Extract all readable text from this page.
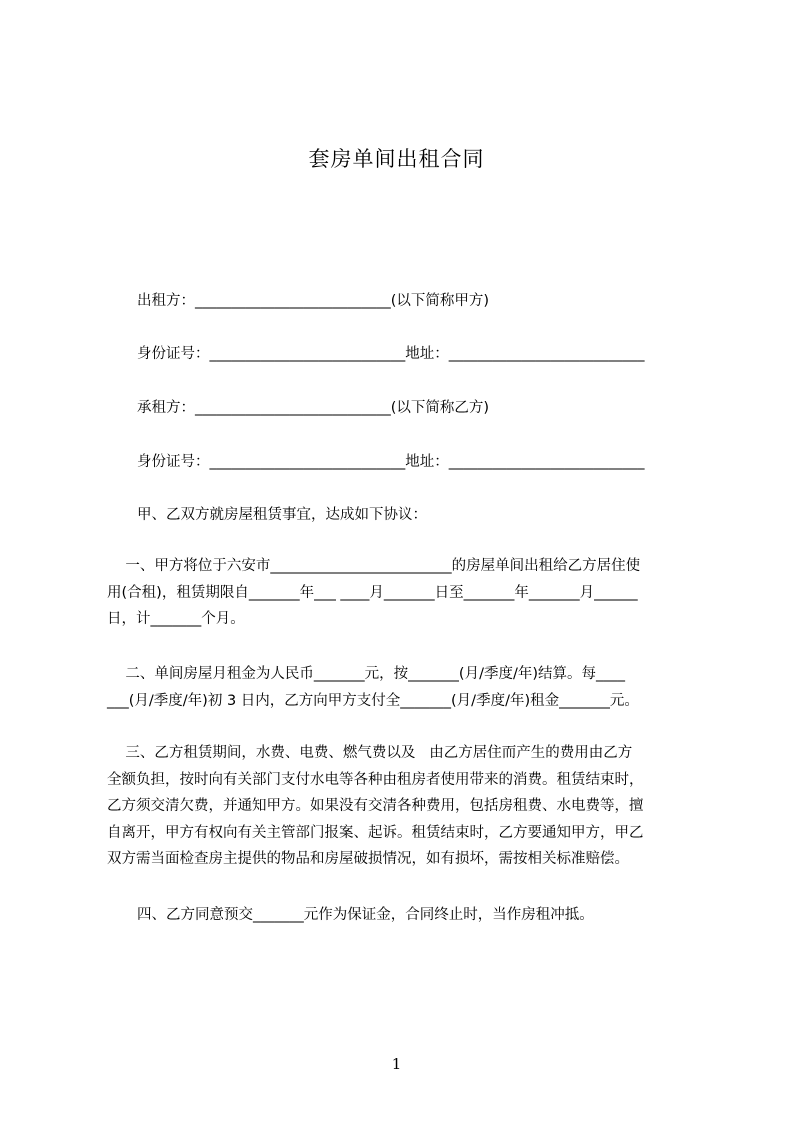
套房单间出租合同
出租方：___________________________(以下简称甲方)
身份证号：___________________________地址：___________________________
承租方：___________________________(以下简称乙方)
身份证号：___________________________地址：___________________________
甲、乙双方就房屋租赁事宜，达成如下协议：
一、甲方将位于六安市_________________________的房屋单间出租给乙方居住使
用(合租)，租赁期限自_______年___ ____月_______日至_______年_______月______
日，计_______个月。
二、单间房屋月租金为人民币_______元，按_______(月/季度/年)结算。每____
___(月/季度/年)初 3 日内，乙方向甲方支付全_______(月/季度/年)租金_______元。
三、乙方租赁期间，水费、电费、燃气费以及   由乙方居住而产生的费用由乙方
全额负担，按时向有关部门支付水电等各种由租房者使用带来的消费。租赁结束时，
乙方须交清欠费，并通知甲方。如果没有交清各种费用，包括房租费、水电费等，擅
自离开，甲方有权向有关主管部门报案、起诉。租赁结束时，乙方要通知甲方，甲乙
双方需当面检查房主提供的物品和房屋破损情况，如有损坏，需按相关标准赔偿。
四、乙方同意预交_______元作为保证金，合同终止时，当作房租冲抵。
1
